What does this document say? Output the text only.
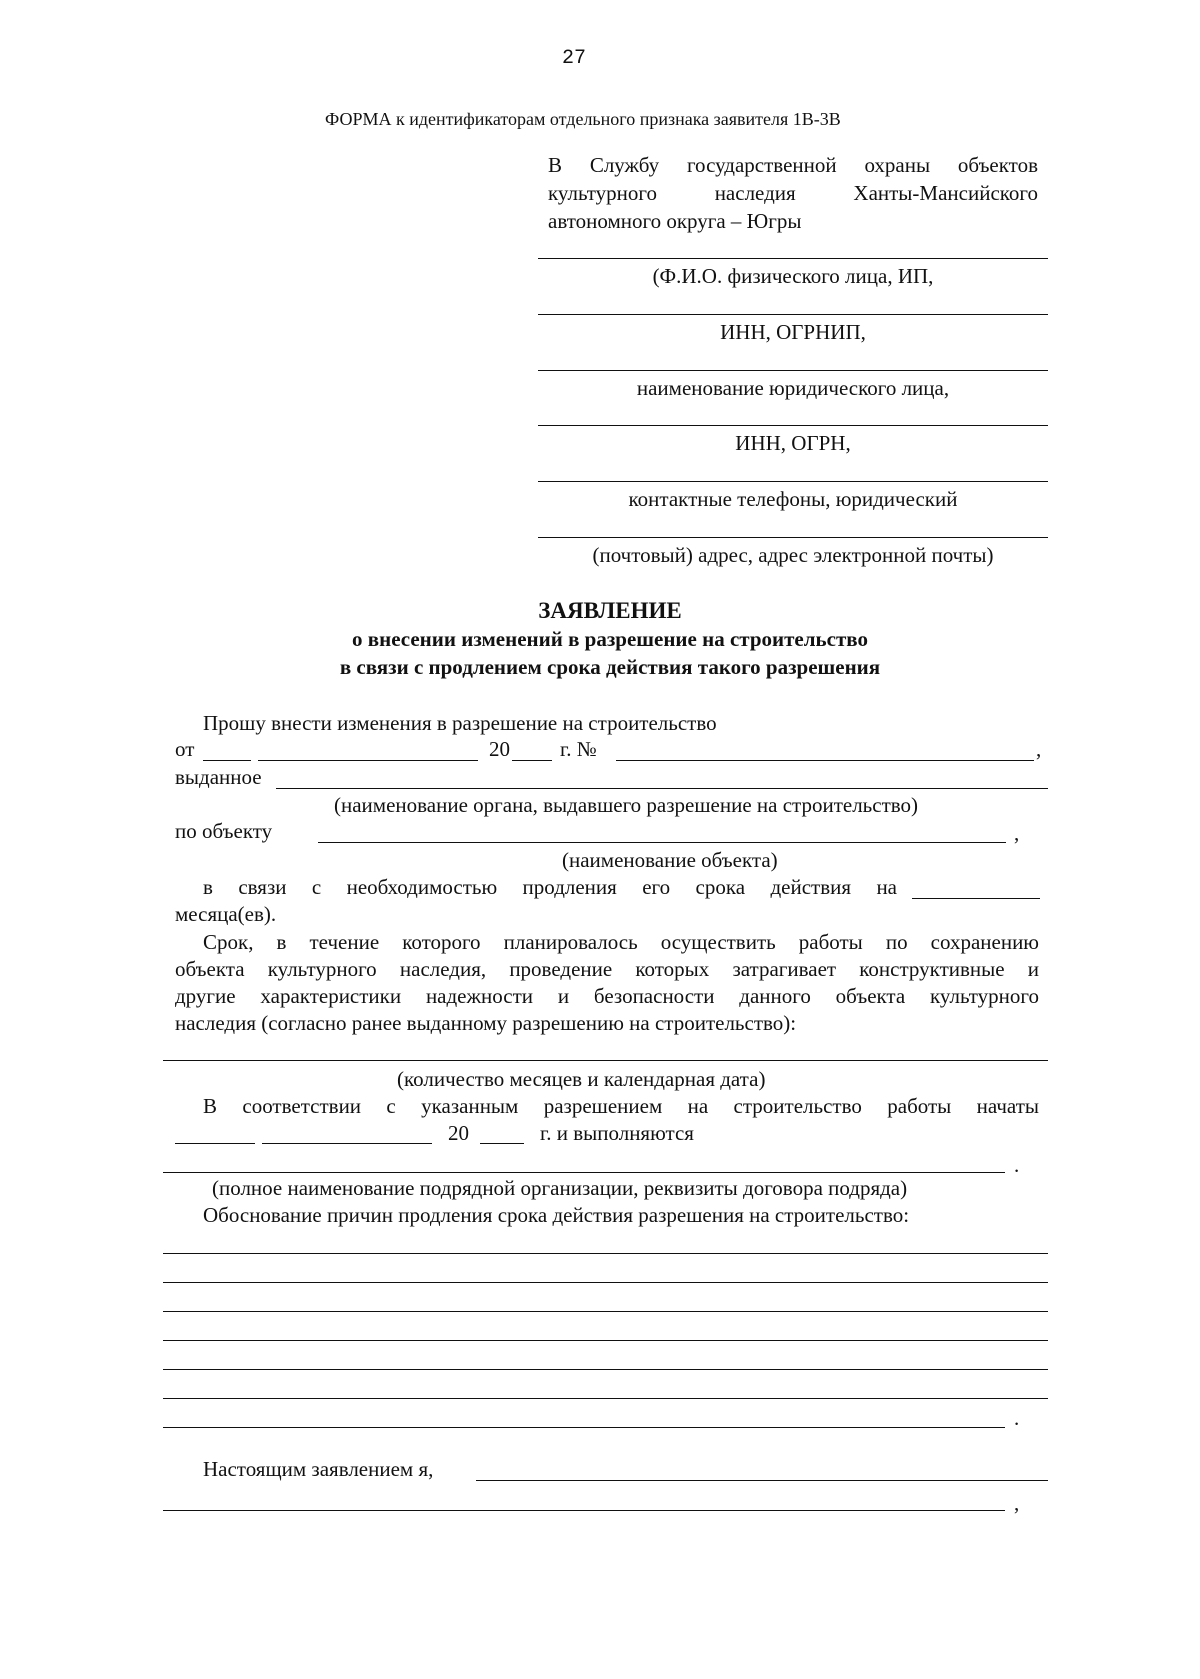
27
ФОРМА к идентификаторам отдельного признака заявителя 1В-3В
В Службу государственной охраны объектов
культурного наследия Ханты-Мансийского
автономного округа – Югры
(Ф.И.О. физического лица, ИП,
ИНН, ОГРНИП,
наименование юридического лица,
ИНН, ОГРН,
контактные телефоны, юридический
(почтовый) адрес, адрес электронной почты)
ЗАЯВЛЕНИЕ
о внесении изменений в разрешение на строительство
в связи с продлением срока действия такого разрешения
Прошу внести изменения в разрешение на строительство
от	20 г. №	,
выданное
(наименование органа, выдавшего разрешение на строительство)
по объекту	,
(наименование объекта)
в связи с необходимостью продления его срока действия на
месяца(ев).
Срок, в течение которого планировалось осуществить работы по сохранению
объекта культурного наследия, проведение которых затрагивает конструктивные и
другие характеристики надежности и безопасности данного объекта культурного
наследия (согласно ранее выданному разрешению на строительство):
(количество месяцев и календарная дата)
В соответствии с указанным разрешением на строительство работы начаты
20	г. и выполняются
.
(полное наименование подрядной организации, реквизиты договора подряда)
Обоснование причин продления срока действия разрешения на строительство:
.
Настоящим заявлением я,
,
